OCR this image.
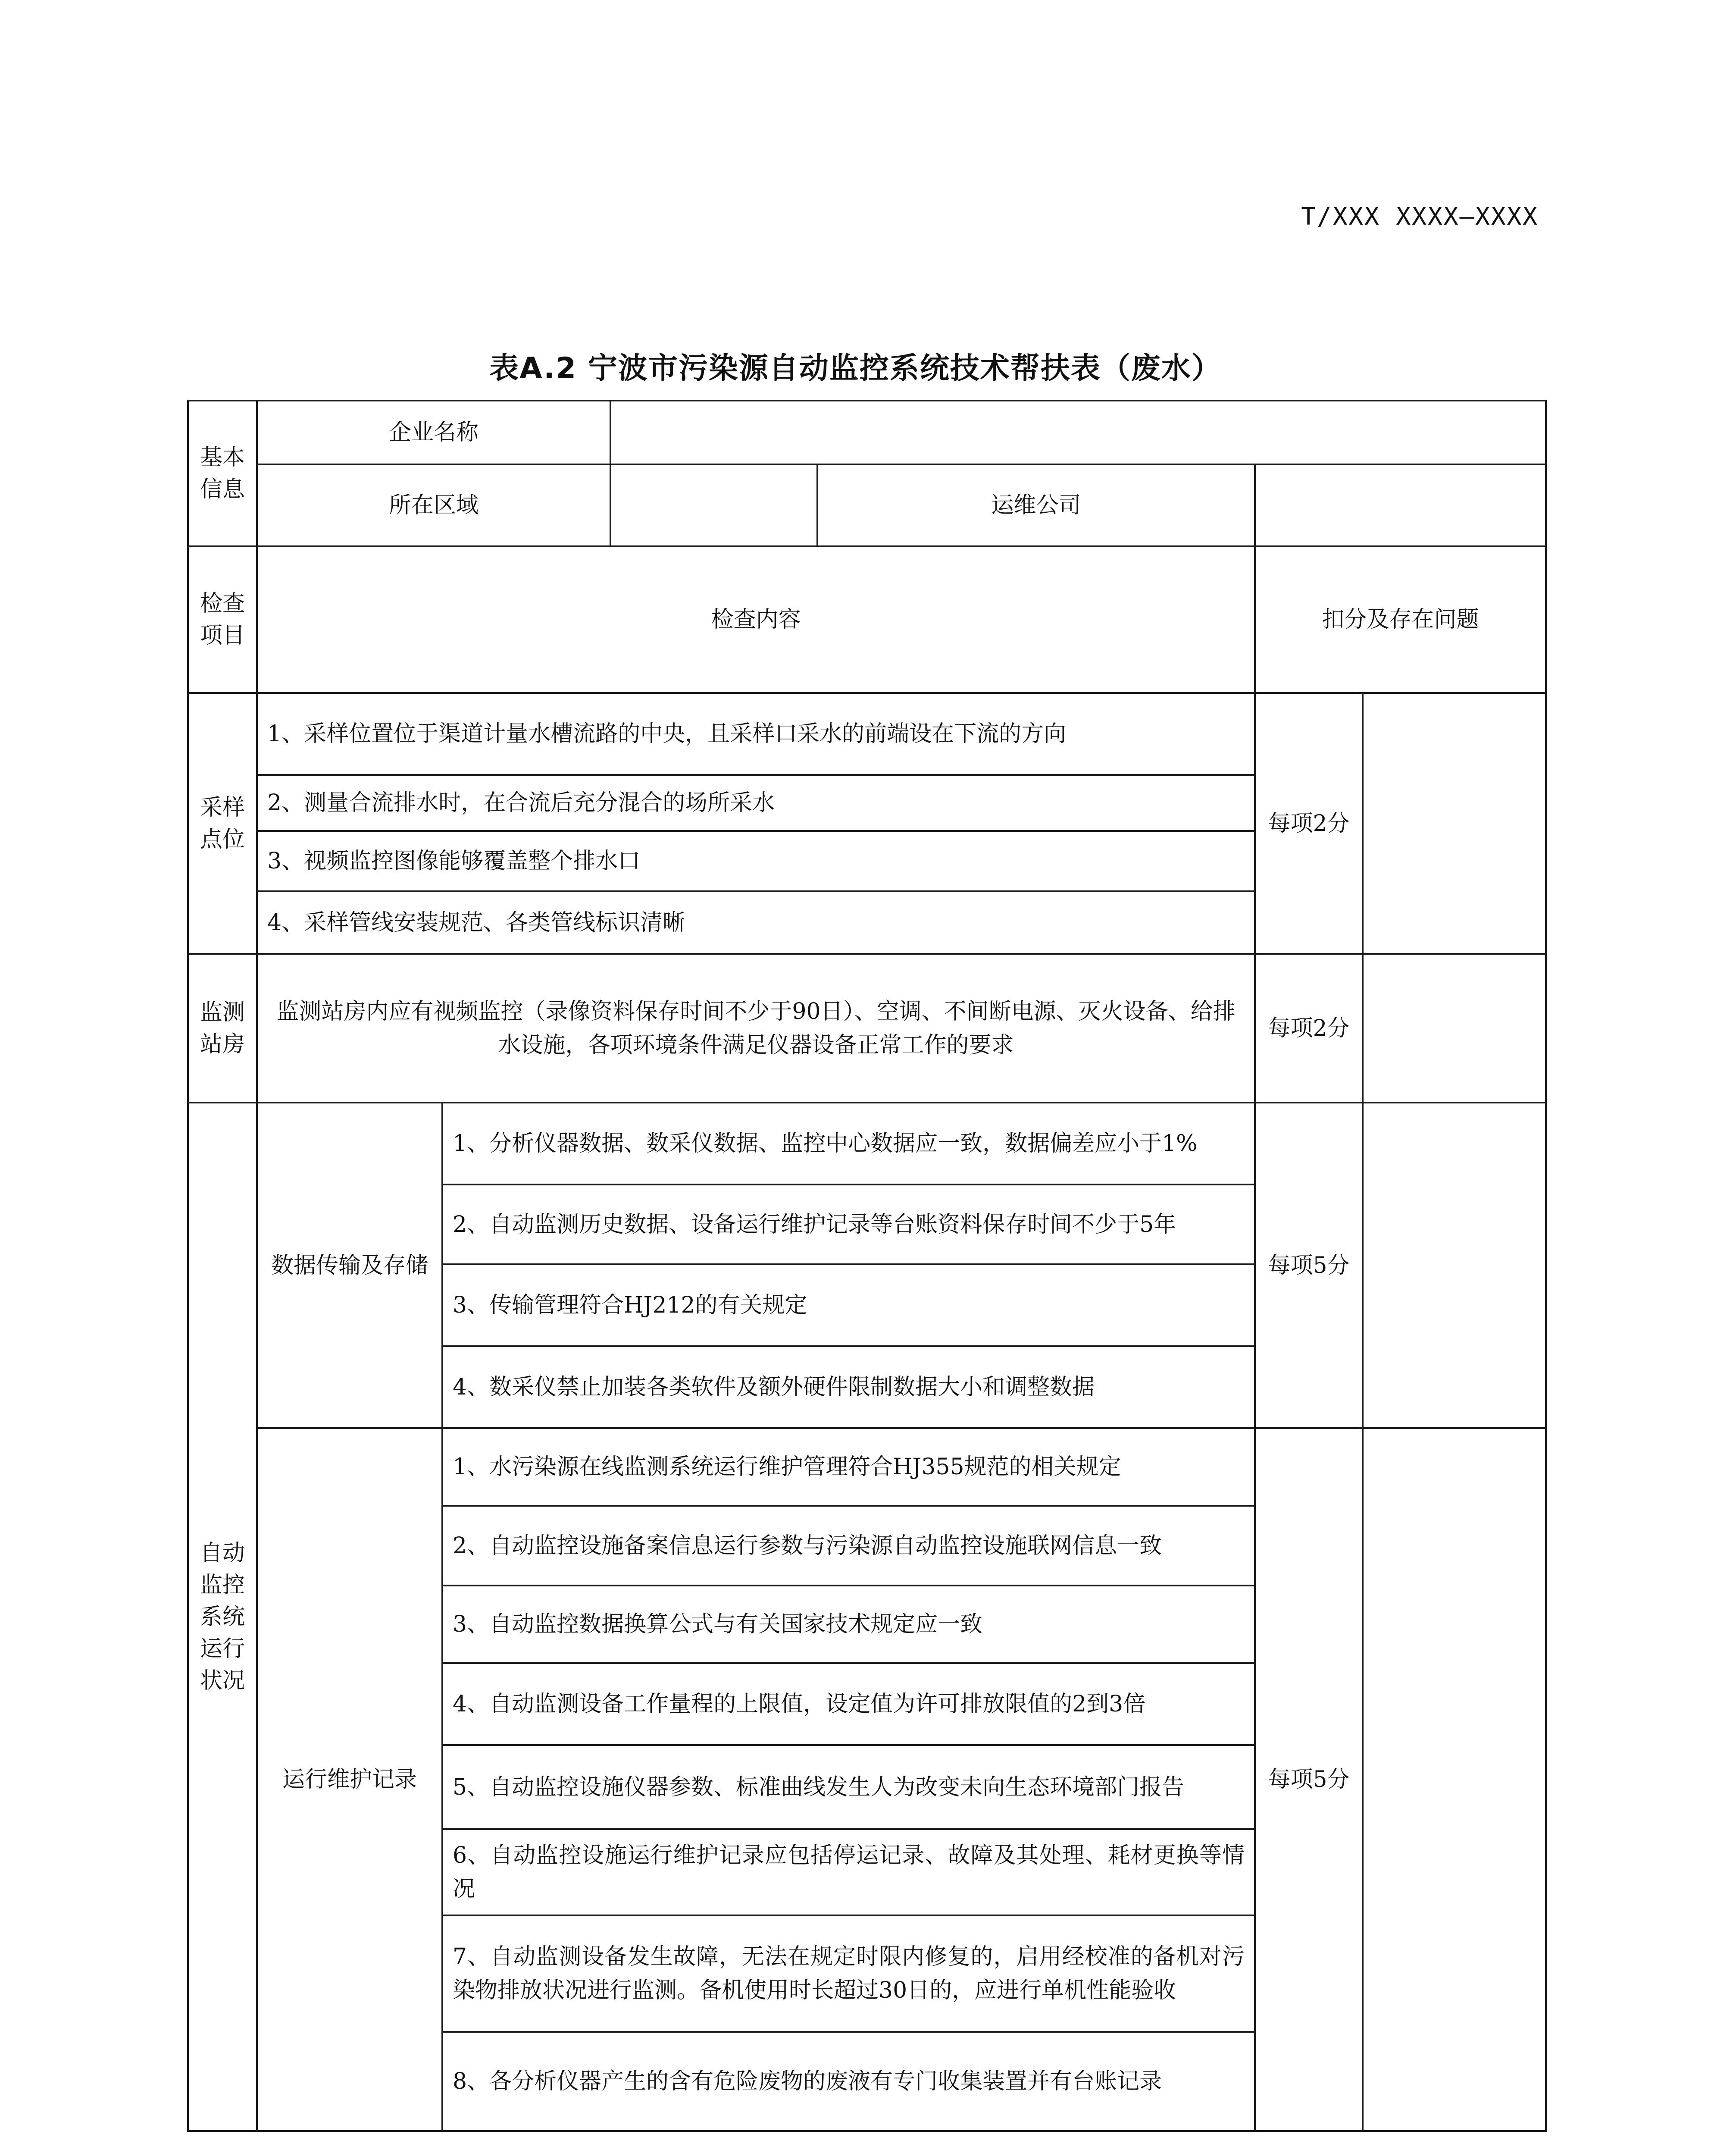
T/XXX XXXX—XXXX
表A.2 宁波市污染源自动监控系统技术帮扶表（废水）
基本信息	企业名称					
	所在区域			运维公司		
检查项目	检查内容				扣分及存在问题	
采样点位	1、采样位置位于渠道计量水槽流路的中央，且采样口采水的前端设在下流的方向				每项2分	
	2、测量合流排水时，在合流后充分混合的场所采水					
	3、视频监控图像能够覆盖整个排水口					
	4、采样管线安装规范、各类管线标识清晰					
监测站房	监测站房内应有视频监控（录像资料保存时间不少于90日）、空调、不间断电源、灭火设备、给排水设施，各项环境条件满足仪器设备正常工作的要求				每项2分	
自动监控系统运行状况	数据传输及存储	1、分析仪器数据、数采仪数据、监控中心数据应一致，数据偏差应小于1%			每项5分	
		2、自动监测历史数据、设备运行维护记录等台账资料保存时间不少于5年				
		3、传输管理符合HJ212的有关规定				
		4、数采仪禁止加装各类软件及额外硬件限制数据大小和调整数据				
	运行维护记录	1、水污染源在线监测系统运行维护管理符合HJ355规范的相关规定			每项5分	
		2、自动监控设施备案信息运行参数与污染源自动监控设施联网信息一致				
		3、自动监控数据换算公式与有关国家技术规定应一致				
		4、自动监测设备工作量程的上限值，设定值为许可排放限值的2到3倍				
		5、自动监控设施仪器参数、标准曲线发生人为改变未向生态环境部门报告				
		6、自动监控设施运行维护记录应包括停运记录、故障及其处理、耗材更换等情况				
		7、自动监测设备发生故障，无法在规定时限内修复的，启用经校准的备机对污染物排放状况进行监测。备机使用时长超过30日的，应进行单机性能验收				
		8、各分析仪器产生的含有危险废物的废液有专门收集装置并有台账记录				
